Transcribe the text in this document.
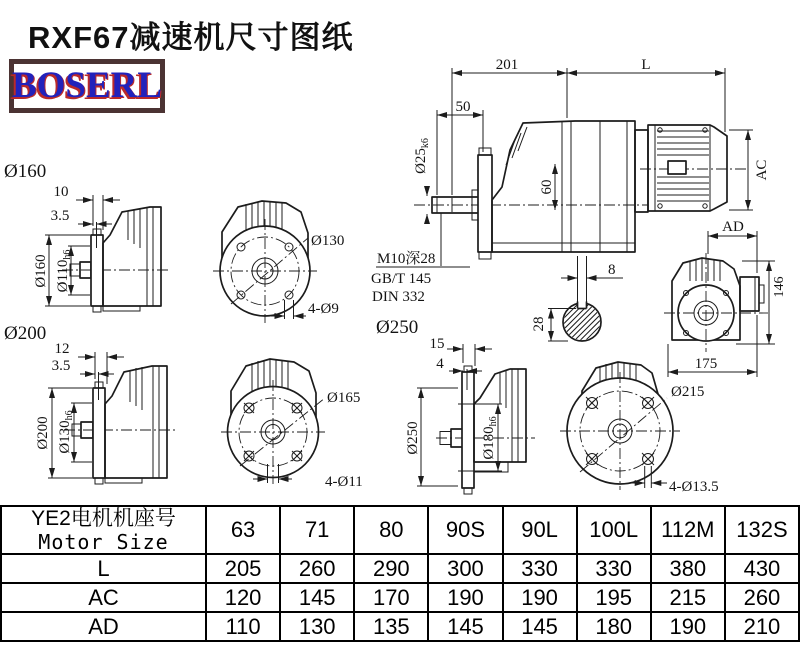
RXF67减速机尺寸图纸
BOSERL	201	L
50
$Ø25_{k6}$
60
AC
M10深28
GB/T 145
DIN 332
8
28
Ø160
10
3.5
Ø160 $Ø110_{h6}$
Ø130
4-Ø9
Ø200
12
3.5
Ø200 $Ø130_{h6}$
Ø165
4-Ø11
Ø250
15
4
Ø250	$Ø180_{h6}$
Ø215
4-Ø13.5
AD
146
175
YE2电机机座号
Motor Size	63	71	80	90S	90L	100L	112M	132S
L	205	260	290	300	330	330	380	430
AC	120	145	170	190	190	195	215	260
AD	110	130	135	145	145	180	190	210
